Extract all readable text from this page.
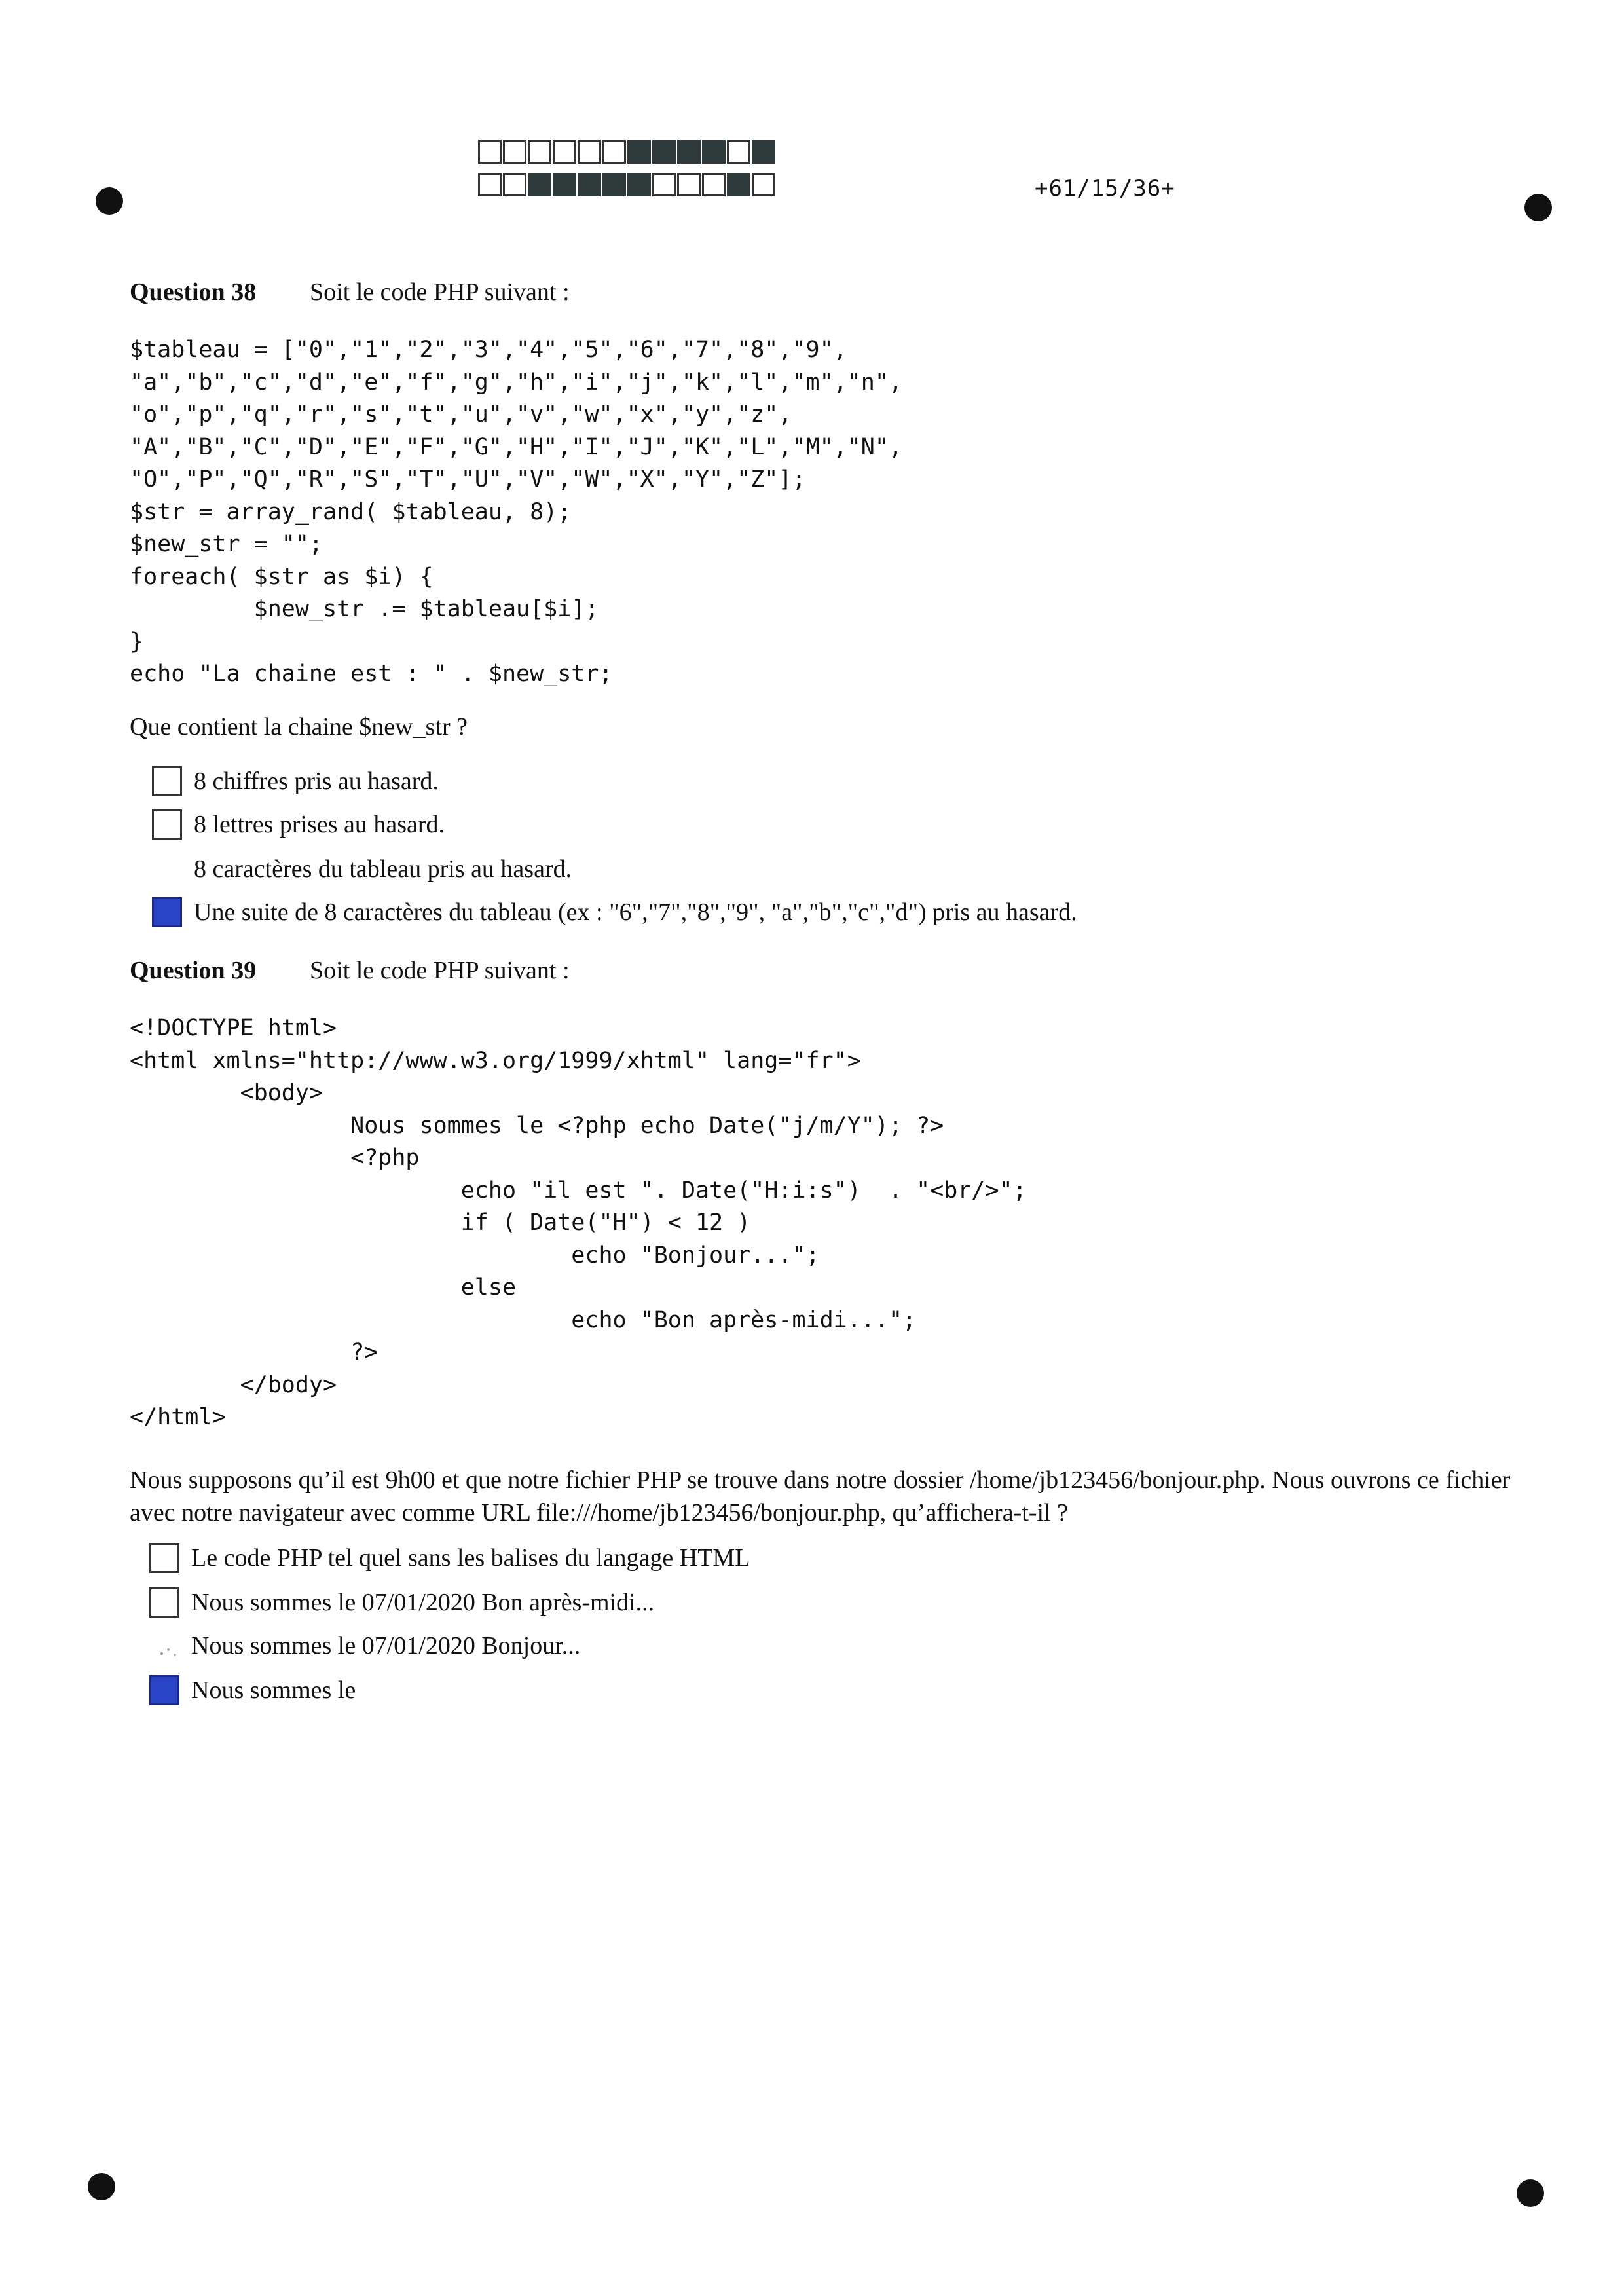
+61/15/36+
Question 38 Soit le code PHP suivant :
$tableau = ["0","1","2","3","4","5","6","7","8","9",
"a","b","c","d","e","f","g","h","i","j","k","l","m","n",
"o","p","q","r","s","t","u","v","w","x","y","z",
"A","B","C","D","E","F","G","H","I","J","K","L","M","N",
"O","P","Q","R","S","T","U","V","W","X","Y","Z"];
$str = array_rand( $tableau, 8);
$new_str = "";
foreach( $str as $i) {
$new_str .= $tableau[$i];
}
echo "La chaine est : " . $new_str;
Que contient la chaine $new_str ?
8 chiffres pris au hasard.
8 lettres prises au hasard.
8 caractères du tableau pris au hasard.
Une suite de 8 caractères du tableau (ex : "6","7","8","9", "a","b","c","d") pris au hasard.
Question 39 Soit le code PHP suivant :
<!DOCTYPE html>
<html xmlns="http://www.w3.org/1999/xhtml" lang="fr">
<body>
Nous sommes le <?php echo Date("j/m/Y"); ?>
<?php
echo "il est ". Date("H:i:s")  . "<br/>";
if ( Date("H") < 12 )
echo "Bonjour...";
else
echo "Bon après-midi...";
?>
</body>
</html>
Nous supposons qu’il est 9h00 et que notre fichier PHP se trouve dans notre dossier /home/jb123456/bonjour.php. Nous ouvrons ce fichier avec notre navigateur avec comme URL file:///home/jb123456/bonjour.php, qu’affichera-t-il ?
Le code PHP tel quel sans les balises du langage HTML
Nous sommes le 07/01/2020 Bon après-midi...
Nous sommes le 07/01/2020 Bonjour...
Nous sommes le
